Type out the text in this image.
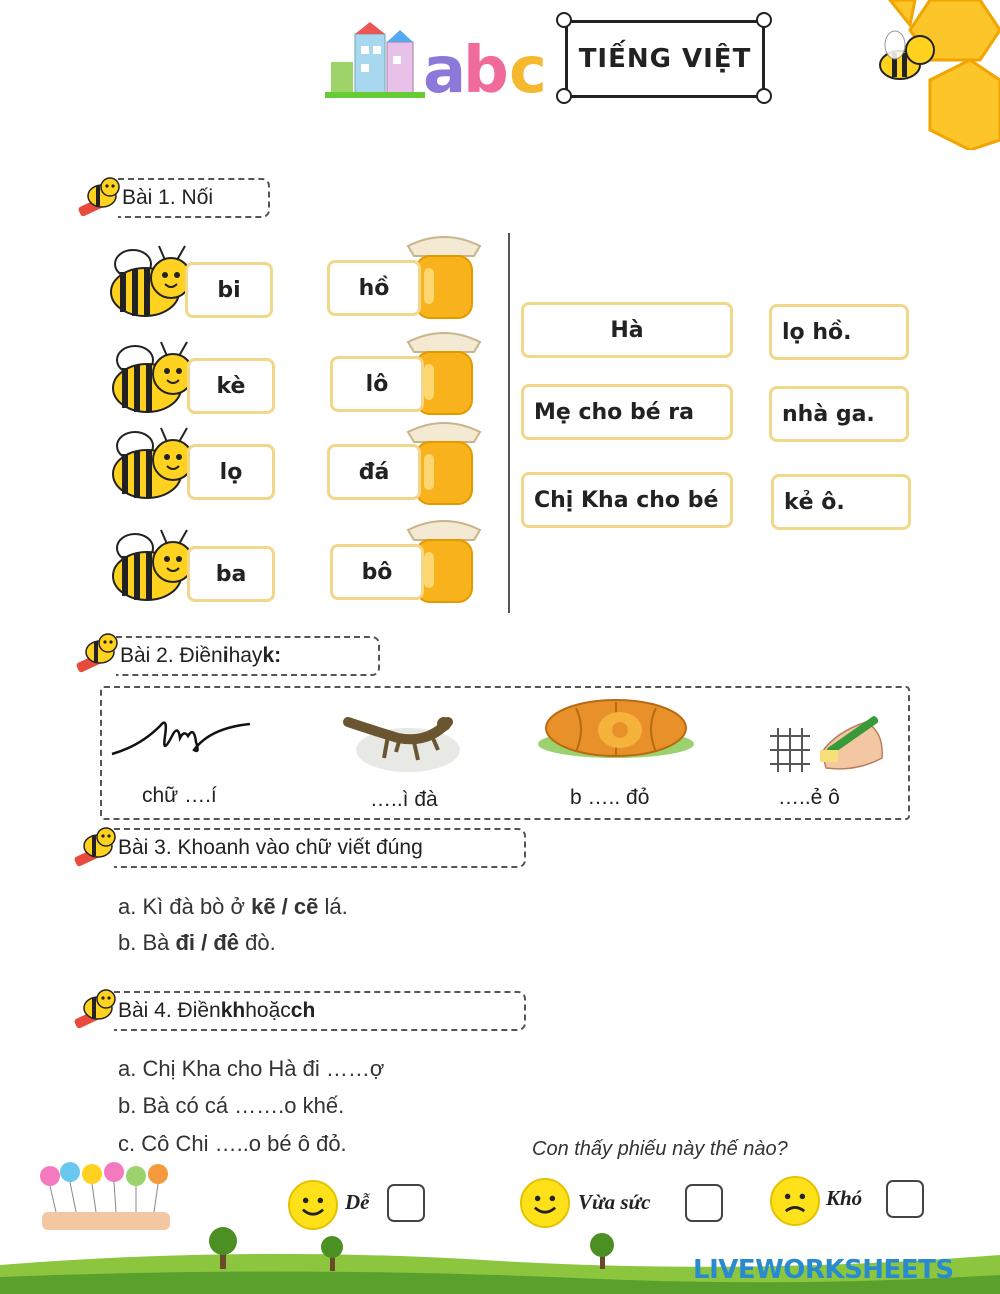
a
b c TIẾNG VIỆT
Bài 1. Nối
bi
kè
lọ
ba
hồ
lô
đá
bô
Hà
Mẹ cho bé ra
Chị Kha cho bé
lọ hồ.
nhà ga.
kẻ ô.
Bài 2. Điền i hay k:
chữ ….í	…..ì đà	b ….. đỏ	…..ẻ ô
Bài 3. Khoanh vào chữ viết đúng
a. Kì đà bò ở kẽ / cẽ lá.
b. Bà đi / đê đò.
Bài 4. Điền kh hoặc ch
a. Chị Kha cho Hà đi ……ợ
b. Bà có cá …….o khế.
c. Cô Chi …..o bé ô đỏ.	Con thấy phiếu này thế nào?
Dễ	Vừa sức	Khó
LIVEWORKSHEETS
